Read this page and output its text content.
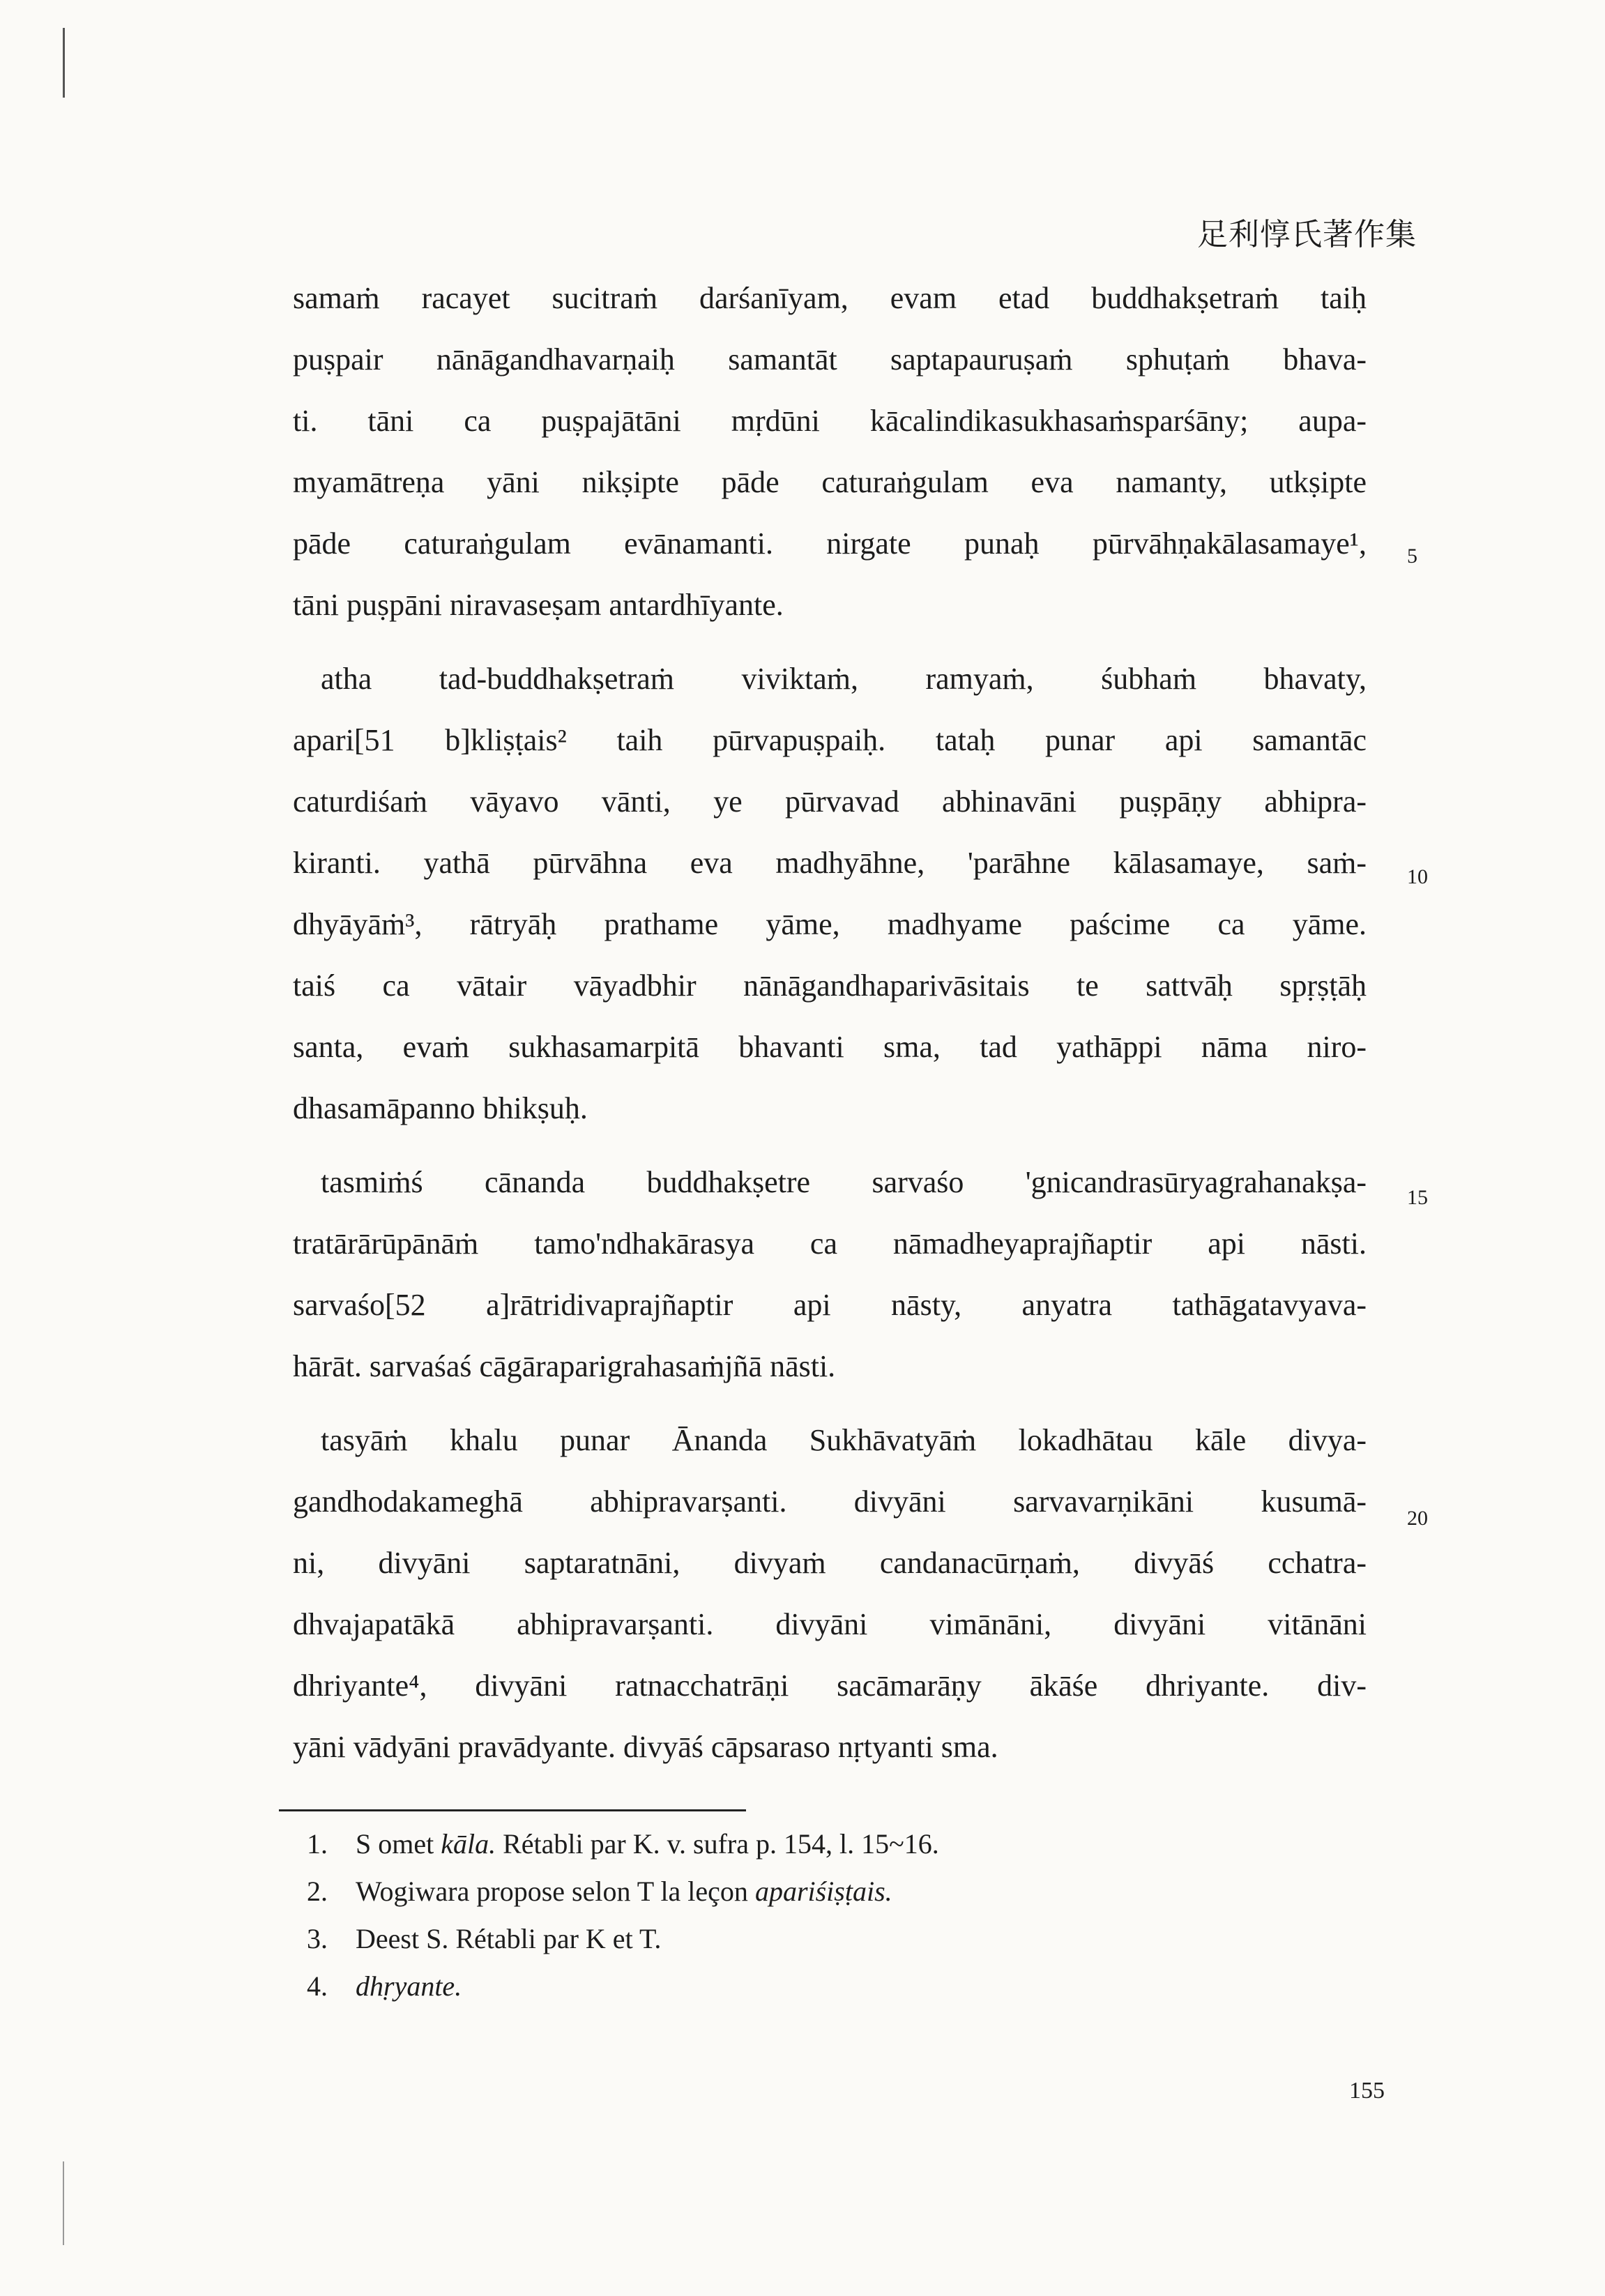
足利惇氏著作集
samaṁ racayet sucitraṁ darśanīyam, evam etad buddhakṣetraṁ taiḥ
puṣpair nānāgandhavarṇaiḥ samantāt saptapauruṣaṁ sphuṭaṁ bhava-
ti. tāni ca puṣpajātāni mṛdūni kācalindikasukhasaṁsparśāny; aupa-
myamātreṇa yāni nikṣipte pāde caturaṅgulam eva namanty, utkṣipte
pāde caturaṅgulam evānamanti. nirgate punaḥ pūrvāhṇakālasamaye¹,
tāni puṣpāni niravaseṣam antardhīyante.
atha tad-buddhakṣetraṁ viviktaṁ, ramyaṁ, śubhaṁ bhavaty,
apari[51 b]kliṣṭais² taih pūrvapuṣpaiḥ. tataḥ punar api samantāc
caturdiśaṁ vāyavo vānti, ye pūrvavad abhinavāni puṣpāṇy abhipra-
kiranti. yathā pūrvāhna eva madhyāhne, 'parāhne kālasamaye, saṁ-
dhyāyāṁ³, rātryāḥ prathame yāme, madhyame paścime ca yāme.
taiś ca vātair vāyadbhir nānāgandhaparivāsitais te sattvāḥ spṛṣṭāḥ
santa, evaṁ sukhasamarpitā bhavanti sma, tad yathāppi nāma niro-
dhasamāpanno bhikṣuḥ.
tasmiṁś cānanda buddhakṣetre sarvaśo 'gnicandrasūryagrahanakṣa-
tratārārūpānāṁ tamo'ndhakārasya ca nāmadheyaprajñaptir api nāsti.
sarvaśo[52 a]rātridivaprajñaptir api nāsty, anyatra tathāgatavyava-
hārāt. sarvaśaś cāgāraparigrahasaṁjñā nāsti.
tasyāṁ khalu punar Ānanda Sukhāvatyāṁ lokadhātau kāle divya-
gandhodakameghā abhipravarṣanti. divyāni sarvavarṇikāni kusumā-
ni, divyāni saptaratnāni, divyaṁ candanacūrṇaṁ, divyāś cchatra-
dhvajapatākā abhipravarṣanti. divyāni vimānāni, divyāni vitānāni
dhriyante⁴, divyāni ratnacchatrāṇi sacāmarāṇy ākāśe dhriyante. div-
yāni vādyāni pravādyante. divyāś cāpsaraso nṛtyanti sma.
5
10
15
20
1. S omet kāla. Rétabli par K. v. sufra p. 154, l. 15~16.
2. Wogiwara propose selon T la leçon apariśiṣṭais.
3. Deest S. Rétabli par K et T.
4. dhṛyante.
155
